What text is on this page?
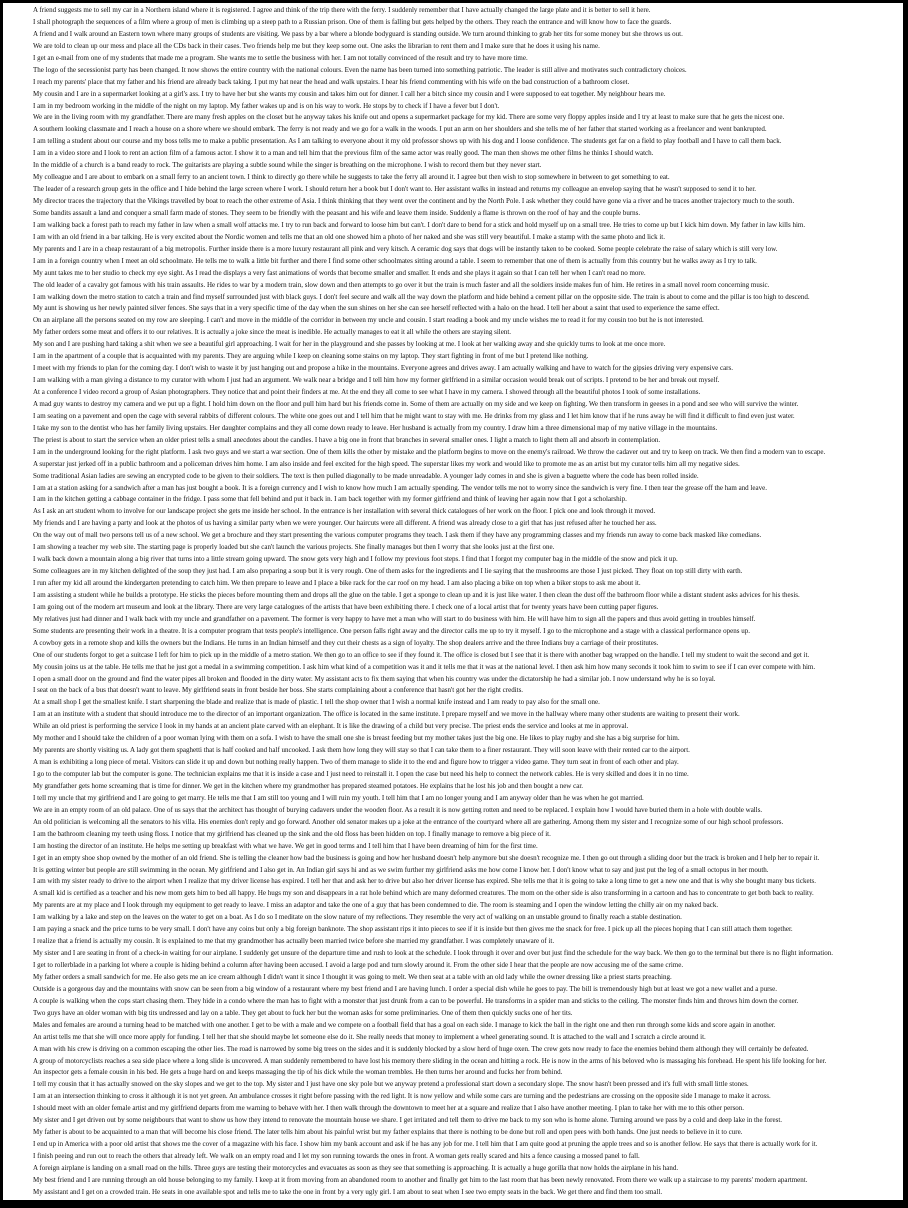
A friend suggests me to sell my car in a Northern island where it is registered. I agree and think of the trip there with the ferry. I suddenly remember that I have actually changed the large plate and it is better to sell it here.
I shall photograph the sequences of a film where a group of men is climbing up a steep path to a Russian prison. One of them is falling but gets helped by the others. They reach the entrance and will know how to face the guards.
A friend and I walk around an Eastern town where many groups of students are visiting. We pass by a bar where a blonde bodyguard is standing outside. We turn around thinking to grab her tits for some money but she throws us out.
We are told to clean up our mess and place all the CDs back in their cases. Two friends help me but they keep some out. One asks the librarian to rent them and I make sure that he does it using his name.
I get an e-mail from one of my students that made me a program. She wants me to settle the business with her. I am not totally convinced of the result and try to have more time.
The logo of the secessionist party has been changed. It now shows the entire country with the national colours. Even the name has been turned into something patriotic. The leader is still alive and motivates such contradictory choices.
I reach my parents' place that my father and his friend are already back taking. I put my hat near the head and walk upstairs. I hear his friend commenting with his wife on the bad construction of a bathroom closet.
My cousin and I are in a supermarket looking at a girl's ass. I try to have her but she wants my cousin and takes him out for dinner. I call her a bitch since my cousin and I were supposed to eat together. My neighbour hears me.
I am in my bedroom working in the middle of the night on my laptop. My father wakes up and is on his way to work. He stops by to check if I have a fever but I don't.
We are in the living room with my grandfather. There are many fresh apples on the closet but he anyway takes his knife out and opens a supermarket package for my kid. There are some very floppy apples inside and I try at least to make sure that he gets the nicest one.
A southern looking classmate and I reach a house on a shore where we should embark. The ferry is not ready and we go for a walk in the woods. I put an arm on her shoulders and she tells me of her father that started working as a freelancer and went bankrupted.
I am telling a student about our course and my boss tells me to make a public presentation. As I am talking to everyone about it my old professor shows up with his dog and I loose confidence. The students get far on a field to play football and I have to call them back.
I am in a video store and I look to rent an action film of a famous actor. I show it to a man and tell him that the previous film of the same actor was really good. The man then shows me other films he thinks I should watch.
In the middle of a church is a band ready to rock. The guitarists are playing a subtle sound while the singer is breathing on the microphone. I wish to record them but they never start.
My colleague and I are about to embark on a small ferry to an ancient town. I think to directly go there while he suggests to take the ferry all around it. I agree but then wish to stop somewhere in between to get something to eat.
The leader of a research group gets in the office and I hide behind the large screen where I work. I should return her a book but I don't want to. Her assistant walks in instead and returns my colleague an envelop saying that he wasn't supposed to send it to her.
My director traces the trajectory that the Vikings travelled by boat to reach the other extreme of Asia. I think thinking that they went over the continent and by the North Pole. I ask whether they could have gone via a river and he traces another trajectory much to the south.
Some bandits assault a land and conquer a small farm made of stones. They seem to be friendly with the peasant and his wife and leave them inside. Suddenly a flame is thrown on the roof of hay and the couple burns.
I am walking back a forest path to reach my father in law when a small wolf attacks me. I try to run back and forward to loose him but can't. I don't dare to bend for a stick and hold myself up on a small tree. He tries to come up but I kick him down. My father in law kills him.
I am with an old friend in a bar talking. He is very excited about the Nordic women and tells me that an old one showed him a photo of her naked and she was still very beautiful. I make a stamp with the same photo and lick it.
My parents and I are in a cheap restaurant of a big metropolis. Further inside there is a more luxury restaurant all pink and very kitsch. A ceramic dog says that dogs will be instantly taken to be cooked. Some people celebrate the raise of salary which is still very low.
I am in a foreign country when I meet an old schoolmate. He tells me to walk a little bit further and there I find some other schoolmates sitting around a table. I seem to remember that one of them is actually from this country but he walks away as I try to talk.
My aunt takes me to her studio to check my eye sight. As I read the displays a very fast animations of words that become smaller and smaller. It ends and she plays it again so that I can tell her when I can't read no more.
The old leader of a cavalry got famous with his train assaults. He rides to war by a modern train, slow down and then attempts to go over it but the train is much faster and all the soldiers inside makes fun of him. He retires in a small novel room concerning music.
I am walking down the metro station to catch a train and find myself surrounded just with black guys. I don't feel secure and walk all the way down the platform and hide behind a cement pillar on the opposite side. The train is about to come and the pillar is too high to descend.
My aunt is showing us her newly painted silver fences. She says that in a very specific time of the day when the sun shines on her she can see herself reflected with a halo on the head. I tell her about a saint that used to experience the same effect.
On an airplane all the persons seated on my row are sleeping. I can't and move in the middle of the corridor in between my uncle and cousin. I start reading a book and my uncle wishes me to read it for my cousin too but he is not interested.
My father orders some meat and offers it to our relatives. It is actually a joke since the meat is inedible. He actually manages to eat it all while the others are staying silent.
My son and I are pushing hard taking a shit when we see a beautiful girl approaching. I wait for her in the playground and she passes by looking at me. I look at her walking away and she quickly turns to look at me once more.
I am in the apartment of a couple that is acquainted with my parents. They are arguing while I keep on cleaning some stains on my laptop. They start fighting in front of me but I pretend like nothing.
I meet with my friends to plan for the coming day. I don't wish to waste it by just hanging out and propose a hike in the mountains. Everyone agrees and drives away. I am actually walking and have to watch for the gipsies driving very expensive cars.
I am walking with a man giving a distance to my curator with whom I just had an argument. We walk near a bridge and I tell him how my former girlfriend in a similar occasion would break out of scripts. I pretend to be her and break out myself.
At a conference I video record a group of Asian photographers. They notice that and point their finders at me. At the end they all come to see what I have in my camera. I showed through all the beautiful photos I took of some installations.
A mad guy wants to destroy my camera and we put up a fight. I hold him down on the floor and pull him hard but his friends come in. Some of them are actually on my side and we keep on fighting. We then transform in geeses in a pond and see who will survive the winter.
I am seating on a pavement and open the cage with several rabbits of different colours. The white one goes out and I tell him that he might want to stay with me. He drinks from my glass and I let him know that if he runs away he will find it difficult to find even just water.
I take my son to the dentist who has her family living upstairs. Her daughter complains and they all come down ready to leave. Her husband is actually from my country. I draw him a three dimensional map of my native village in the mountains.
The priest is about to start the service when an older priest tells a small anecdotes about the candles. I have a big one in front that branches in several smaller ones. I light a match to light them all and absorb in contemplation.
I am in the underground looking for the right platform. I ask two guys and we start a war section. One of them kills the other by mistake and the platform begins to move on the enemy's railroad. We throw the cadaver out and try to keep on track. We then find a modern van to escape.
A superstar just jerked off in a public bathroom and a policeman drives him home. I am also inside and feel excited for the high speed. The superstar likes my work and would like to promote me as an artist but my curator tells him all my negative sides.
Some traditional Asian ladies are sewing an encrypted code to be given to their soldiers. The text is then pulled diagonally to be made unreadable. A younger lady comes in and she is given a baguette where the code has been rolled inside.
I am at a station asking for a sandwich after a man has just bought a book. It is a foreign currency and I wish to know how much I am actually spending. The vendor tells me not to worry since the sandwich is very fine. I then tear the grease off the ham and leave.
I am in the kitchen getting a cabbage container in the fridge. I pass some that fell behind and put it back in. I am back together with my former girlfriend and think of leaving her again now that I got a scholarship.
As I ask an art student whom to involve for our landscape project she gets me inside her school. In the entrance is her installation with several thick catalogues of her work on the floor. I pick one and look through it moved.
My friends and I are having a party and look at the photos of us having a similar party when we were younger. Our haircuts were all different. A friend was already close to a girl that has just refused after he touched her ass.
On the way out of mall two persons tell us of a new school. We get a brochure and they start presenting the various computer programs they teach. I ask them if they have any programming classes and my friends run away to come back masked like comedians.
I am showing a teacher my web site. The starting page is properly loaded but she can't launch the various projects. She finally manages but then I worry that she looks just at the first one.
I walk back down a mountain along a big river that turns into a little stream going upward. The snow gets very high and I follow my previous foot steps. I find that I forgot my computer bag in the middle of the snow and pick it up.
Some colleagues are in my kitchen delighted of the soup they just had. I am also preparing a soup but it is very rough. One of them asks for the ingredients and I lie saying that the mushrooms are those I just picked. They float on top still dirty with earth.
I run after my kid all around the kindergarten pretending to catch him. We then prepare to leave and I place a bike rack for the car roof on my head. I am also placing a bike on top when a biker stops to ask me about it.
I am assisting a student while he builds a prototype. He sticks the pieces before mounting them and drops all the glue on the table. I get a sponge to clean up and it is just like water. I then clean the dust off the bathroom floor while a distant student asks advices for his thesis.
I am going out of the modern art museum and look at the library. There are very large catalogues of the artists that have been exhibiting there. I check one of a local artist that for twenty years have been cutting paper figures.
My relatives just had dinner and I walk back with my uncle and grandfather on a pavement. The former is very happy to have met a man who will start to do business with him. He will have him to sign all the papers and thus avoid getting in troubles himself.
Some students are presenting their work in a theatre. It is a computer program that tests people's intelligence. One person falls right away and the director calls me up to try it myself. I go to the microphone and a stage with a classical performance opens up.
A cowboy gets in a remote shop and kills the owners but the Indians. He turns in an Indian himself and they cut their chests as a sign of loyalty. The shop dealers arrive and the three Indians buy a carriage of their prostitutes.
One of our students forgot to get a suitcase I left for him to pick up in the middle of a metro station. We then go to an office to see if they found it. The office is closed but I see that it is there with another bag wrapped on the handle. I tell my student to wait the second and get it.
My cousin joins us at the table. He tells me that he just got a medal in a swimming competition. I ask him what kind of a competition was it and it tells me that it was at the national level. I then ask him how many seconds it took him to swim to see if I can ever compete with him.
I open a small door on the ground and find the water pipes all broken and flooded in the dirty water. My assistant acts to fix them saying that when his country was under the dictatorship he had a similar job. I now understand why he is so loyal.
I seat on the back of a bus that doesn't want to leave. My girlfriend seats in front beside her boss. She starts complaining about a conference that hasn't got her the right credits.
At a small shop I get the smallest knife. I start sharpening the blade and realize that is made of plastic. I tell the shop owner that I wish a normal knife instead and I am ready to pay also for the small one.
I am at an institute with a student that should introduce me to the director of an important organization. The office is located in the same institute. I prepare myself and we move in the hallway where many other students are waiting to present their work.
While an old priest is performing the service I look in my hands at an ancient plate carved with an elephant. It is like the drawing of a child but very precise. The priest ends the service and looks at me in approval.
My mother and I should take the children of a poor woman lying with them on a sofa. I wish to have the small one she is breast feeding but my mother takes just the big one. He likes to play rugby and she has a big surprise for him.
My parents are shortly visiting us. A lady got them spaghetti that is half cooked and half uncooked. I ask them how long they will stay so that I can take them to a finer restaurant. They will soon leave with their rented car to the airport.
A man is exhibiting a long piece of metal. Visitors can slide it up and down but nothing really happen. Two of them manage to slide it to the end and figure how to trigger a video game. They turn seat in front of each other and play.
I go to the computer lab but the computer is gone. The technician explains me that it is inside a case and I just need to reinstall it. I open the case but need his help to connect the network cables. He is very skilled and does it in no time.
My grandfather gets home screaming that is time for dinner. We get in the kitchen where my grandmother has prepared steamed potatoes. He explains that he lost his job and then bought a new car.
I tell my uncle that my girlfriend and I are going to get marry. He tells me that I am still too young and I will ruin my youth. I tell him that I am no longer young and I am anyway older than he was when he got married.
We are in an empty room of an old palace. One of us says that the architect has thought of burying cadavers under the wooden floor. As a result it is now getting rotten and need to be replaced. I explain how I would have buried them in a hole with double walls.
An old politician is welcoming all the senators to his villa. His enemies don't reply and go forward. Another old senator makes up a joke at the entrance of the courtyard where all are gathering. Among them my sister and I recognize some of our high school professors.
I am the bathroom cleaning my teeth using floss. I notice that my girlfriend has cleaned up the sink and the old floss has been hidden on top. I finally manage to remove a big piece of it.
I am hosting the director of an institute. He helps me setting up breakfast with what we have. We get in good terms and I tell him that I have been dreaming of him for the first time.
I get in an empty shoe shop owned by the mother of an old friend. She is telling the cleaner how bad the business is going and how her husband doesn't help anymore but she doesn't recognize me. I then go out through a sliding door but the track is broken and I help her to repair it.
It is getting winter but people are still swimming in the ocean. My girlfriend and I also get in. An Indian girl says hi and as we swim further my girlfriend asks me how come I know her. I don't know what to say and just put the leg of a small octopus in her mouth.
I am with my sister ready to drive to the airport when I realize that my driver license has expired. I tell her that and ask her to drive but also her driver license has expired. She tells me that it is going to take a long time to get a new one and that is why she bought many bus tickets.
A small kid is certified as a teacher and his new mom gets him to bed all happy. He hugs my son and disappears in a rat hole behind which are many deformed creatures. The mom on the other side is also transforming in a cartoon and has to concentrate to get both back to reality.
My parents are at my place and I look through my equipment to get ready to leave. I miss an adaptor and take the one of a guy that has been condemned to die. The room is steaming and I open the window letting the chilly air on my naked back.
I am walking by a lake and step on the leaves on the water to get on a boat. As I do so I meditate on the slow nature of my reflections. They resemble the very act of walking on an unstable ground to finally reach a stable destination.
I am paying a snack and the price turns to be very small. I don't have any coins but only a big foreign banknote. The shop assistant rips it into pieces to see if it is inside but then gives me the snack for free. I pick up all the pieces hoping that I can still attach them together.
I realize that a friend is actually my cousin. It is explained to me that my grandmother has actually been married twice before she married my grandfather. I was completely unaware of it.
My sister and I are seating in front of a check-in waiting for our airplane. I suddenly get unsure of the departure time and rush to look at the schedule. I look through it over and over but just find the schedule for the way back. We then go to the terminal but there is no flight information.
I get to rollerblade in a parking lot where a couple is hiding behind a column after having been accused. I avoid a large pod and turn slowly around it. From the other side I hear that the people are now accusing me of the same crime.
My father orders a small sandwich for me. He also gets me an ice cream although I didn't want it since I thought it was going to melt. We then seat at a table with an old lady while the owner dressing like a priest starts preaching.
Outside is a gorgeous day and the mountains with snow can be seen from a big window of a restaurant where my best friend and I are having lunch. I order a special dish while he goes to pay. The bill is tremendously high but at least we got a new wallet and a purse.
A couple is walking when the cops start chasing them. They hide in a condo where the man has to fight with a monster that just drunk from a can to be powerful. He transforms in a spider man and sticks to the ceiling. The monster finds him and throws him down the corner.
Two guys have an older woman with big tits undressed and lay on a table. They get about to fuck her but the woman asks for some preliminaries. One of them then quickly sucks one of her tits.
Males and females are around a turning head to be matched with one another. I get to be with a male and we compete on a football field that has a goal on each side. I manage to kick the ball in the right one and then run through some kids and score again in another.
An artist tells me that she will once more apply for funding. I tell her that she should maybe let someone else do it. She really needs that money to implement a wheel generating sound. It is attached to the wall and I scratch a circle around it.
A man with his crew is driving on a common escaping the other lies. The road is narrowed by some big trees on the sides and it is suddenly blocked by a slow herd of huge oxen. The crew gets now ready to face the enemies behind them although they will certainly be defeated.
A group of motorcyclists reaches a sea side place where a long slide is uncovered. A man suddenly remembered to have lost his memory there sliding in the ocean and hitting a rock. He is now in the arms of his beloved who is massaging his forehead. He spent his life looking for her.
An inspector gets a female cousin in his bed. He gets a huge hard on and keeps massaging the tip of his dick while the woman trembles. He then turns her around and fucks her from behind.
I tell my cousin that it has actually snowed on the sky slopes and we get to the top. My sister and I just have one sky pole but we anyway pretend a professional start down a secondary slope. The snow hasn't been pressed and it's full with small little stones.
I am at an intersection thinking to cross it although it is not yet green. An ambulance crosses it right before passing with the red light. It is now yellow and while some cars are turning and the pedestrians are crossing on the opposite side I manage to make it across.
I should meet with an older female artist and my girlfriend departs from me warning to behave with her. I then walk through the downtown to meet her at a square and realize that I also have another meeting. I plan to take her with me to this other person.
My sister and I get driven out by some neighbours that want to show us how they intend to renovate the mountain house we share. I get irritated and tell them to drive me back to my son who is home alone. Turning around we pass by a cold and deep lake in the forest.
My father is about to be acquainted to a man that will become his close friend. The later tells him about his painful wrist but my father explains that there is nothing to be done but roll and open pees with both hands. One just needs to believe in it to cure.
I end up in America with a poor old artist that shows me the cover of a magazine with his face. I show him my bank account and ask if he has any job for me. I tell him that I am quite good at pruning the apple trees and so is another fellow. He says that there is actually work for it.
I finish peeing and run out to reach the others that already left. We walk on an empty road and I let my son running towards the ones in front. A woman gets really scared and hits a fence causing a mossed panel to fall.
A foreign airplane is landing on a small road on the hills. Three guys are testing their motorcycles and evacuates as soon as they see that something is approaching. It is actually a huge gorilla that now holds the airplane in his hand.
My best friend and I are running through an old house belonging to my family. I keep at it from moving from an abandoned room to another and finally get him to the last room that has been newly renovated. From there we walk up a staircase to my parents' modern apartment.
My assistant and I get on a crowded train. He seats in one available spot and tells me to take the one in front by a very ugly girl. I am about to seat when I see two empty seats in the back. We get there and find them too small.
